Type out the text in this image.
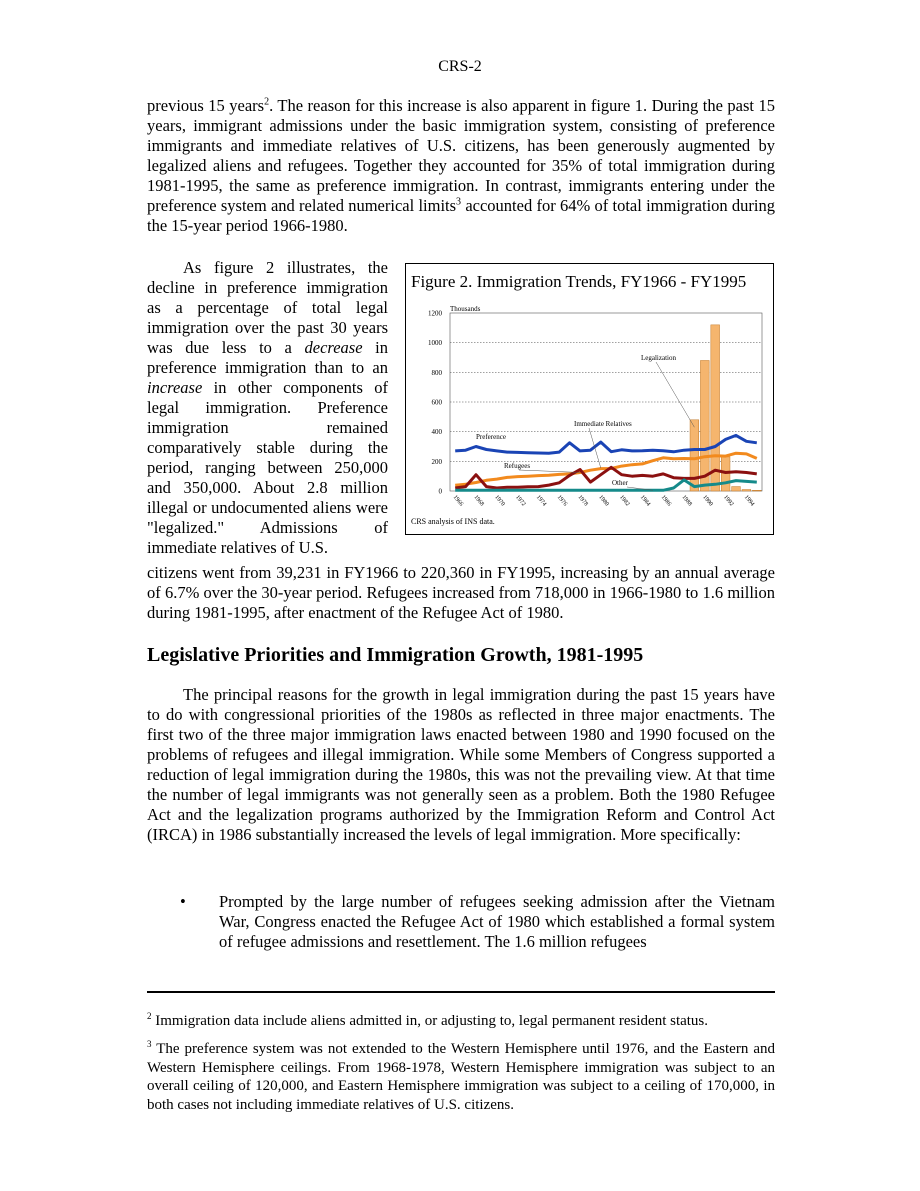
CRS-2

previous 15 years$^2$. The reason for this increase is also apparent in figure 1. During the past 15 years, immigrant admissions under the basic immigration system, consisting of preference immigrants and immediate relatives of U.S. citizens, has been generously augmented by legalized aliens and refugees. Together they accounted for 35% of total immigration during 1981-1995, the same as preference immigration. In contrast, immigrants entering under the preference system and related numerical limits$^3$ accounted for 64% of total immigration during the 15-year period 1966-1980.

As figure 2 illustrates, the decline in preference immigration as a percentage of total legal immigration over the past 30 years was due less to a decrease in preference immigration than to an increase in other components of legal immigration. Preference immigration remained comparatively stable during the period, ranging between 250,000 and 350,000. About 2.8 million illegal or undocumented aliens were "legalized." Admissions of immediate relatives of U.S.

citizens went from 39,231 in FY1966 to 220,360 in FY1995, increasing by an annual average of 6.7% over the 30-year period. Refugees increased from 718,000 in 1966-1980 to 1.6 million during 1981-1995, after enactment of the Refugee Act of 1980.

Figure 2. Immigration Trends, FY1966 - FY1995
0
200
400
600
800
1000
1200
1966 1968 1970 1972 1974 1976 1978 1980 1982 1984 1986 1988 1990 1992 1994
Thousands
CRS analysis of INS data.
Legalization
Immediate Relatives
Preference
Refugees
Other
Legislative Priorities and Immigration Growth, 1981-1995

The principal reasons for the growth in legal immigration during the past 15 years have to do with congressional priorities of the 1980s as reflected in three major enactments. The first two of the three major immigration laws enacted between 1980 and 1990 focused on the problems of refugees and illegal immigration. While some Members of Congress supported a reduction of legal immigration during the 1980s, this was not the prevailing view. At that time the number of legal immigrants was not generally seen as a problem. Both the 1980 Refugee Act and the legalization programs authorized by the Immigration Reform and Control Act (IRCA) in 1986 substantially increased the levels of legal immigration. More specifically:

• Prompted by the large number of refugees seeking admission after the Vietnam War, Congress enacted the Refugee Act of 1980 which established a formal system of refugee admissions and resettlement. The 1.6 million refugees

$^2$ Immigration data include aliens admitted in, or adjusting to, legal permanent resident status.

$^3$ The preference system was not extended to the Western Hemisphere until 1976, and the Eastern and Western Hemisphere ceilings. From 1968-1978, Western Hemisphere immigration was subject to an overall ceiling of 120,000, and Eastern Hemisphere immigration was subject to a ceiling of 170,000, in both cases not including immediate relatives of U.S. citizens.
